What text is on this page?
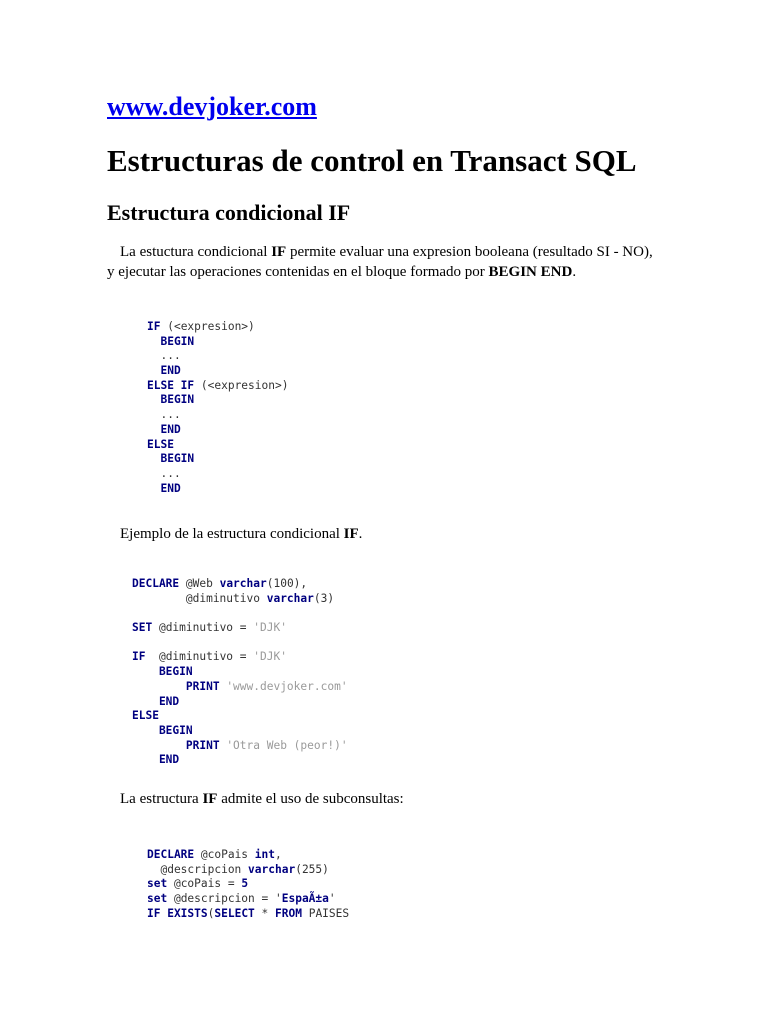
www.devjoker.com
Estructuras de control en Transact SQL
Estructura condicional IF

La estuctura condicional IF permite evaluar una expresion booleana (resultado SI - NO),

y ejecutar las operaciones contenidas en el bloque formado por BEGIN END.

IF (<expresion>)
BEGIN
...
END
ELSE IF (<expresion>)
BEGIN
...
END
ELSE
BEGIN
...
END
Ejemplo de la estructura condicional IF.
DECLARE @Web varchar(100),
@diminutivo varchar(3)
SET @diminutivo = 'DJK'
IF  @diminutivo = 'DJK'
BEGIN
PRINT 'www.devjoker.com'
END
ELSE
BEGIN
PRINT 'Otra Web (peor!)'
END
La estructura IF admite el uso de subconsultas:
DECLARE @coPais int,
@descripcion varchar(255)
set @coPais = 5
set @descripcion = 'EspaÃ±a'
IF EXISTS(SELECT * FROM PAISES
